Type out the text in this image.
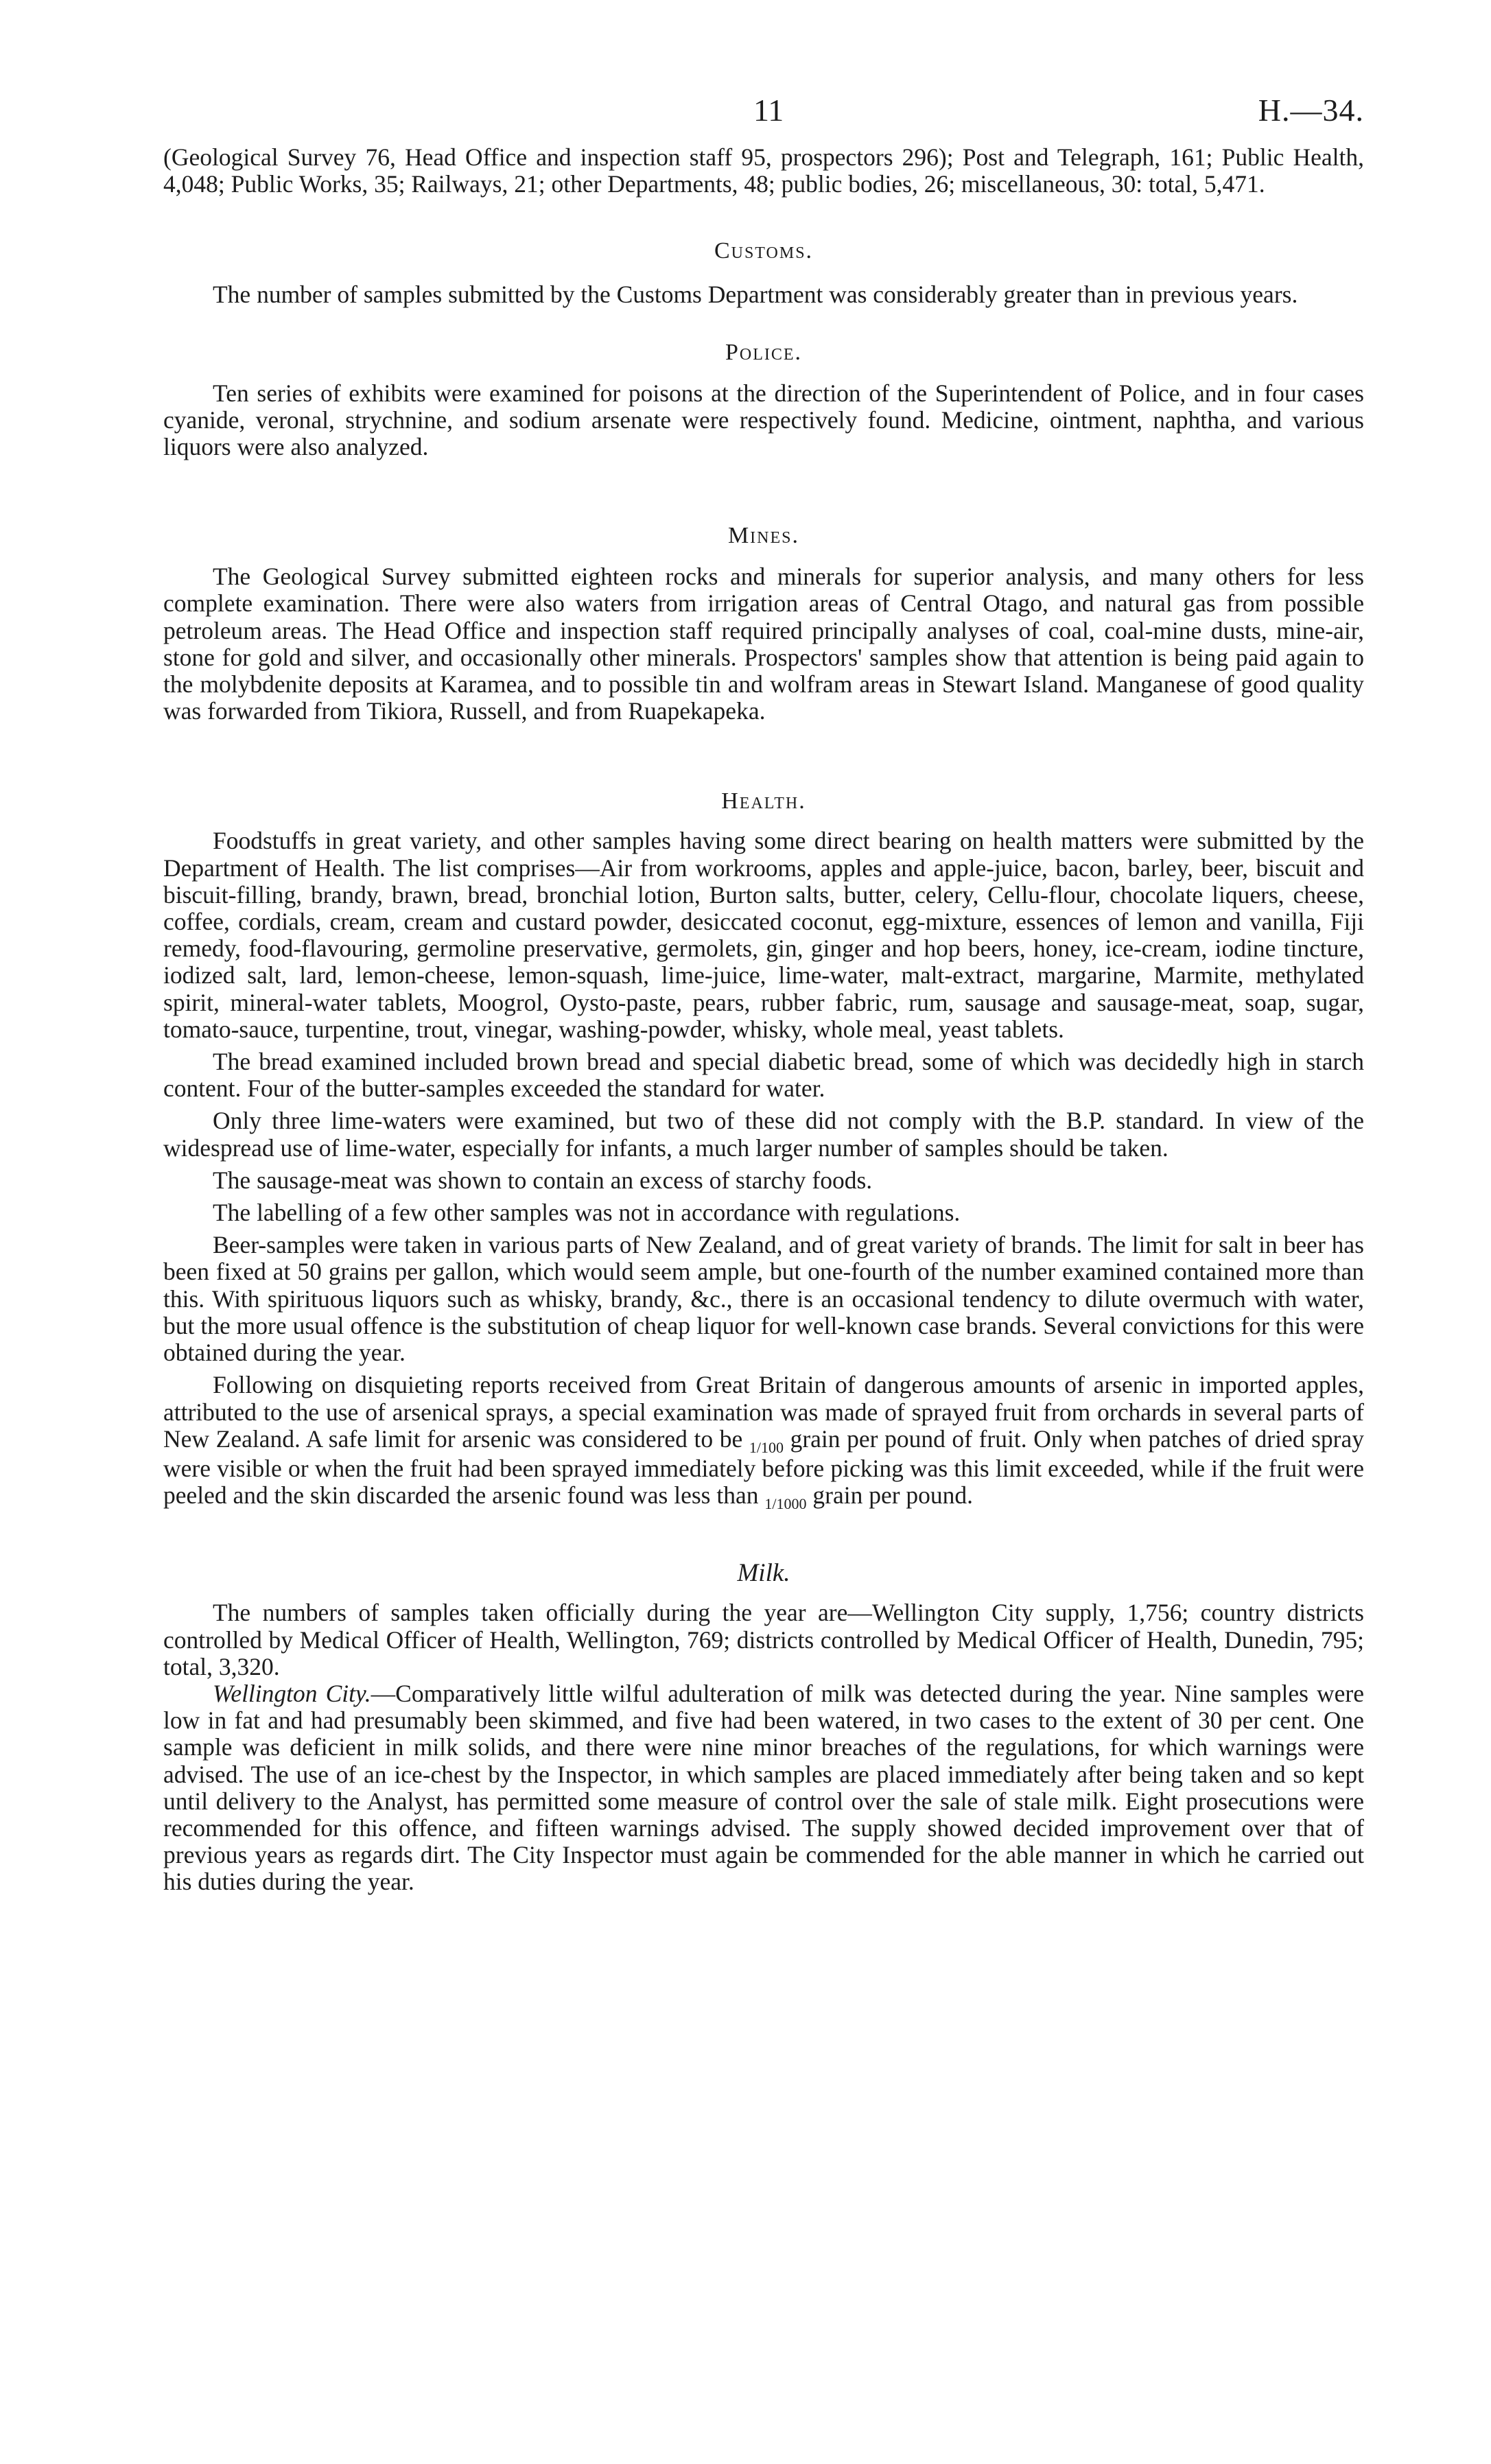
11	H.—34.

(Geological Survey 76, Head Office and inspection staff 95, prospectors 296); Post and Telegraph, 161; Public Health, 4,048; Public Works, 35; Railways, 21; other Departments, 48; public bodies, 26; miscellaneous, 30: total, 5,471.

Customs.

The number of samples submitted by the Customs Department was considerably greater than in previous years.

Police.

Ten series of exhibits were examined for poisons at the direction of the Superintendent of Police, and in four cases cyanide, veronal, strychnine, and sodium arsenate were respectively found. Medicine, ointment, naphtha, and various liquors were also analyzed.

Mines.

The Geological Survey submitted eighteen rocks and minerals for superior analysis, and many others for less complete examination. There were also waters from irrigation areas of Central Otago, and natural gas from possible petroleum areas. The Head Office and inspection staff required principally analyses of coal, coal-mine dusts, mine-air, stone for gold and silver, and occasionally other minerals. Prospectors' samples show that attention is being paid again to the molybdenite deposits at Karamea, and to possible tin and wolfram areas in Stewart Island. Manganese of good quality was forwarded from Tikiora, Russell, and from Ruapekapeka.

Health.

Foodstuffs in great variety, and other samples having some direct bearing on health matters were submitted by the Department of Health. The list comprises—Air from workrooms, apples and apple-juice, bacon, barley, beer, biscuit and biscuit-filling, brandy, brawn, bread, bronchial lotion, Burton salts, butter, celery, Cellu-flour, chocolate liquers, cheese, coffee, cordials, cream, cream and custard powder, desiccated coconut, egg-mixture, essences of lemon and vanilla, Fiji remedy, food-flavouring, germoline preservative, germolets, gin, ginger and hop beers, honey, ice-cream, iodine tincture, iodized salt, lard, lemon-cheese, lemon-squash, lime-juice, lime-water, malt-extract, margarine, Marmite, methylated spirit, mineral-water tablets, Moogrol, Oysto-paste, pears, rubber fabric, rum, sausage and sausage-meat, soap, sugar, tomato-sauce, turpentine, trout, vinegar, washing-powder, whisky, whole meal, yeast tablets.

The bread examined included brown bread and special diabetic bread, some of which was decidedly high in starch content. Four of the butter-samples exceeded the standard for water.

Only three lime-waters were examined, but two of these did not comply with the B.P. standard. In view of the widespread use of lime-water, especially for infants, a much larger number of samples should be taken.

The sausage-meat was shown to contain an excess of starchy foods.

The labelling of a few other samples was not in accordance with regulations.

Beer-samples were taken in various parts of New Zealand, and of great variety of brands. The limit for salt in beer has been fixed at 50 grains per gallon, which would seem ample, but one-fourth of the number examined contained more than this. With spirituous liquors such as whisky, brandy, &c., there is an occasional tendency to dilute overmuch with water, but the more usual offence is the substitution of cheap liquor for well-known case brands. Several convictions for this were obtained during the year.

Following on disquieting reports received from Great Britain of dangerous amounts of arsenic in imported apples, attributed to the use of arsenical sprays, a special examination was made of sprayed fruit from orchards in several parts of New Zealand. A safe limit for arsenic was considered to be $_{1/100}$ grain per pound of fruit. Only when patches of dried spray were visible or when the fruit had been sprayed immediately before picking was this limit exceeded, while if the fruit were peeled and the skin discarded the arsenic found was less than $_{1/1000}$ grain per pound.

Milk.

The numbers of samples taken officially during the year are—Wellington City supply, 1,756; country districts controlled by Medical Officer of Health, Wellington, 769; districts controlled by Medical Officer of Health, Dunedin, 795; total, 3,320.

Wellington City.—Comparatively little wilful adulteration of milk was detected during the year. Nine samples were low in fat and had presumably been skimmed, and five had been watered, in two cases to the extent of 30 per cent. One sample was deficient in milk solids, and there were nine minor breaches of the regulations, for which warnings were advised. The use of an ice-chest by the Inspector, in which samples are placed immediately after being taken and so kept until delivery to the Analyst, has permitted some measure of control over the sale of stale milk. Eight prosecutions were recommended for this offence, and fifteen warnings advised. The supply showed decided improvement over that of previous years as regards dirt. The City Inspector must again be commended for the able manner in which he carried out his duties during the year.
